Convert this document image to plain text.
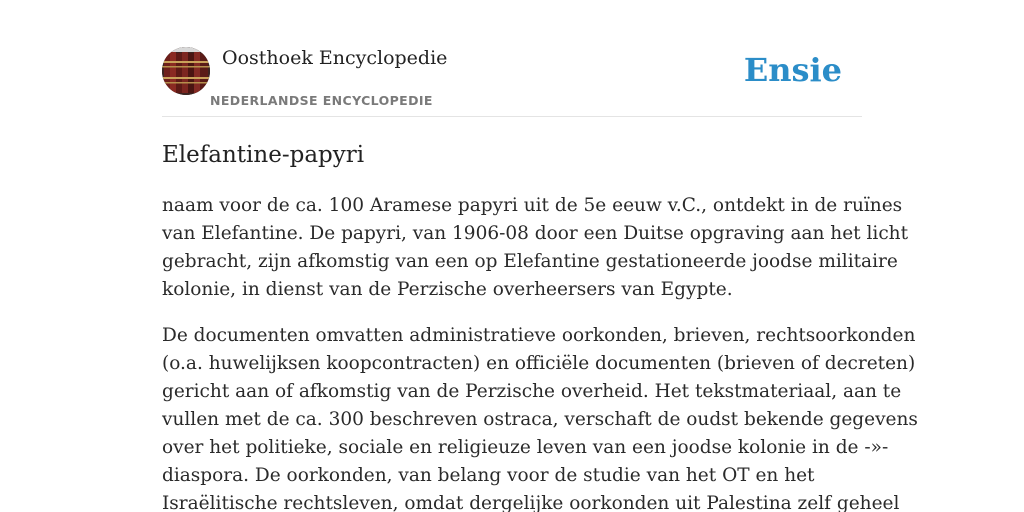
Oosthoek Encyclopedie
NEDERLANDSE ENCYCLOPEDIE
Ensie
Elefantine-papyri

naam voor de ca. 100 Aramese papyri uit de 5e eeuw v.C., ontdekt in de ruïnes
van Elefantine. De papyri, van 1906-08 door een Duitse opgraving aan het licht
gebracht, zijn afkomstig van een op Elefantine gestationeerde joodse militaire
kolonie, in dienst van de Perzische overheersers van Egypte.

De documenten omvatten administratieve oorkonden, brieven, rechtsoorkonden
(o.a. huwelijksen koopcontracten) en officiële documenten (brieven of decreten)
gericht aan of afkomstig van de Perzische overheid. Het tekstmateriaal, aan te
vullen met de ca. 300 beschreven ostraca, verschaft de oudst bekende gegevens
over het politieke, sociale en religieuze leven van een joodse kolonie in de -»-
diaspora. De oorkonden, van belang voor de studie van het OT en het
Israëlitische rechtsleven, omdat dergelijke oorkonden uit Palestina zelf geheel
